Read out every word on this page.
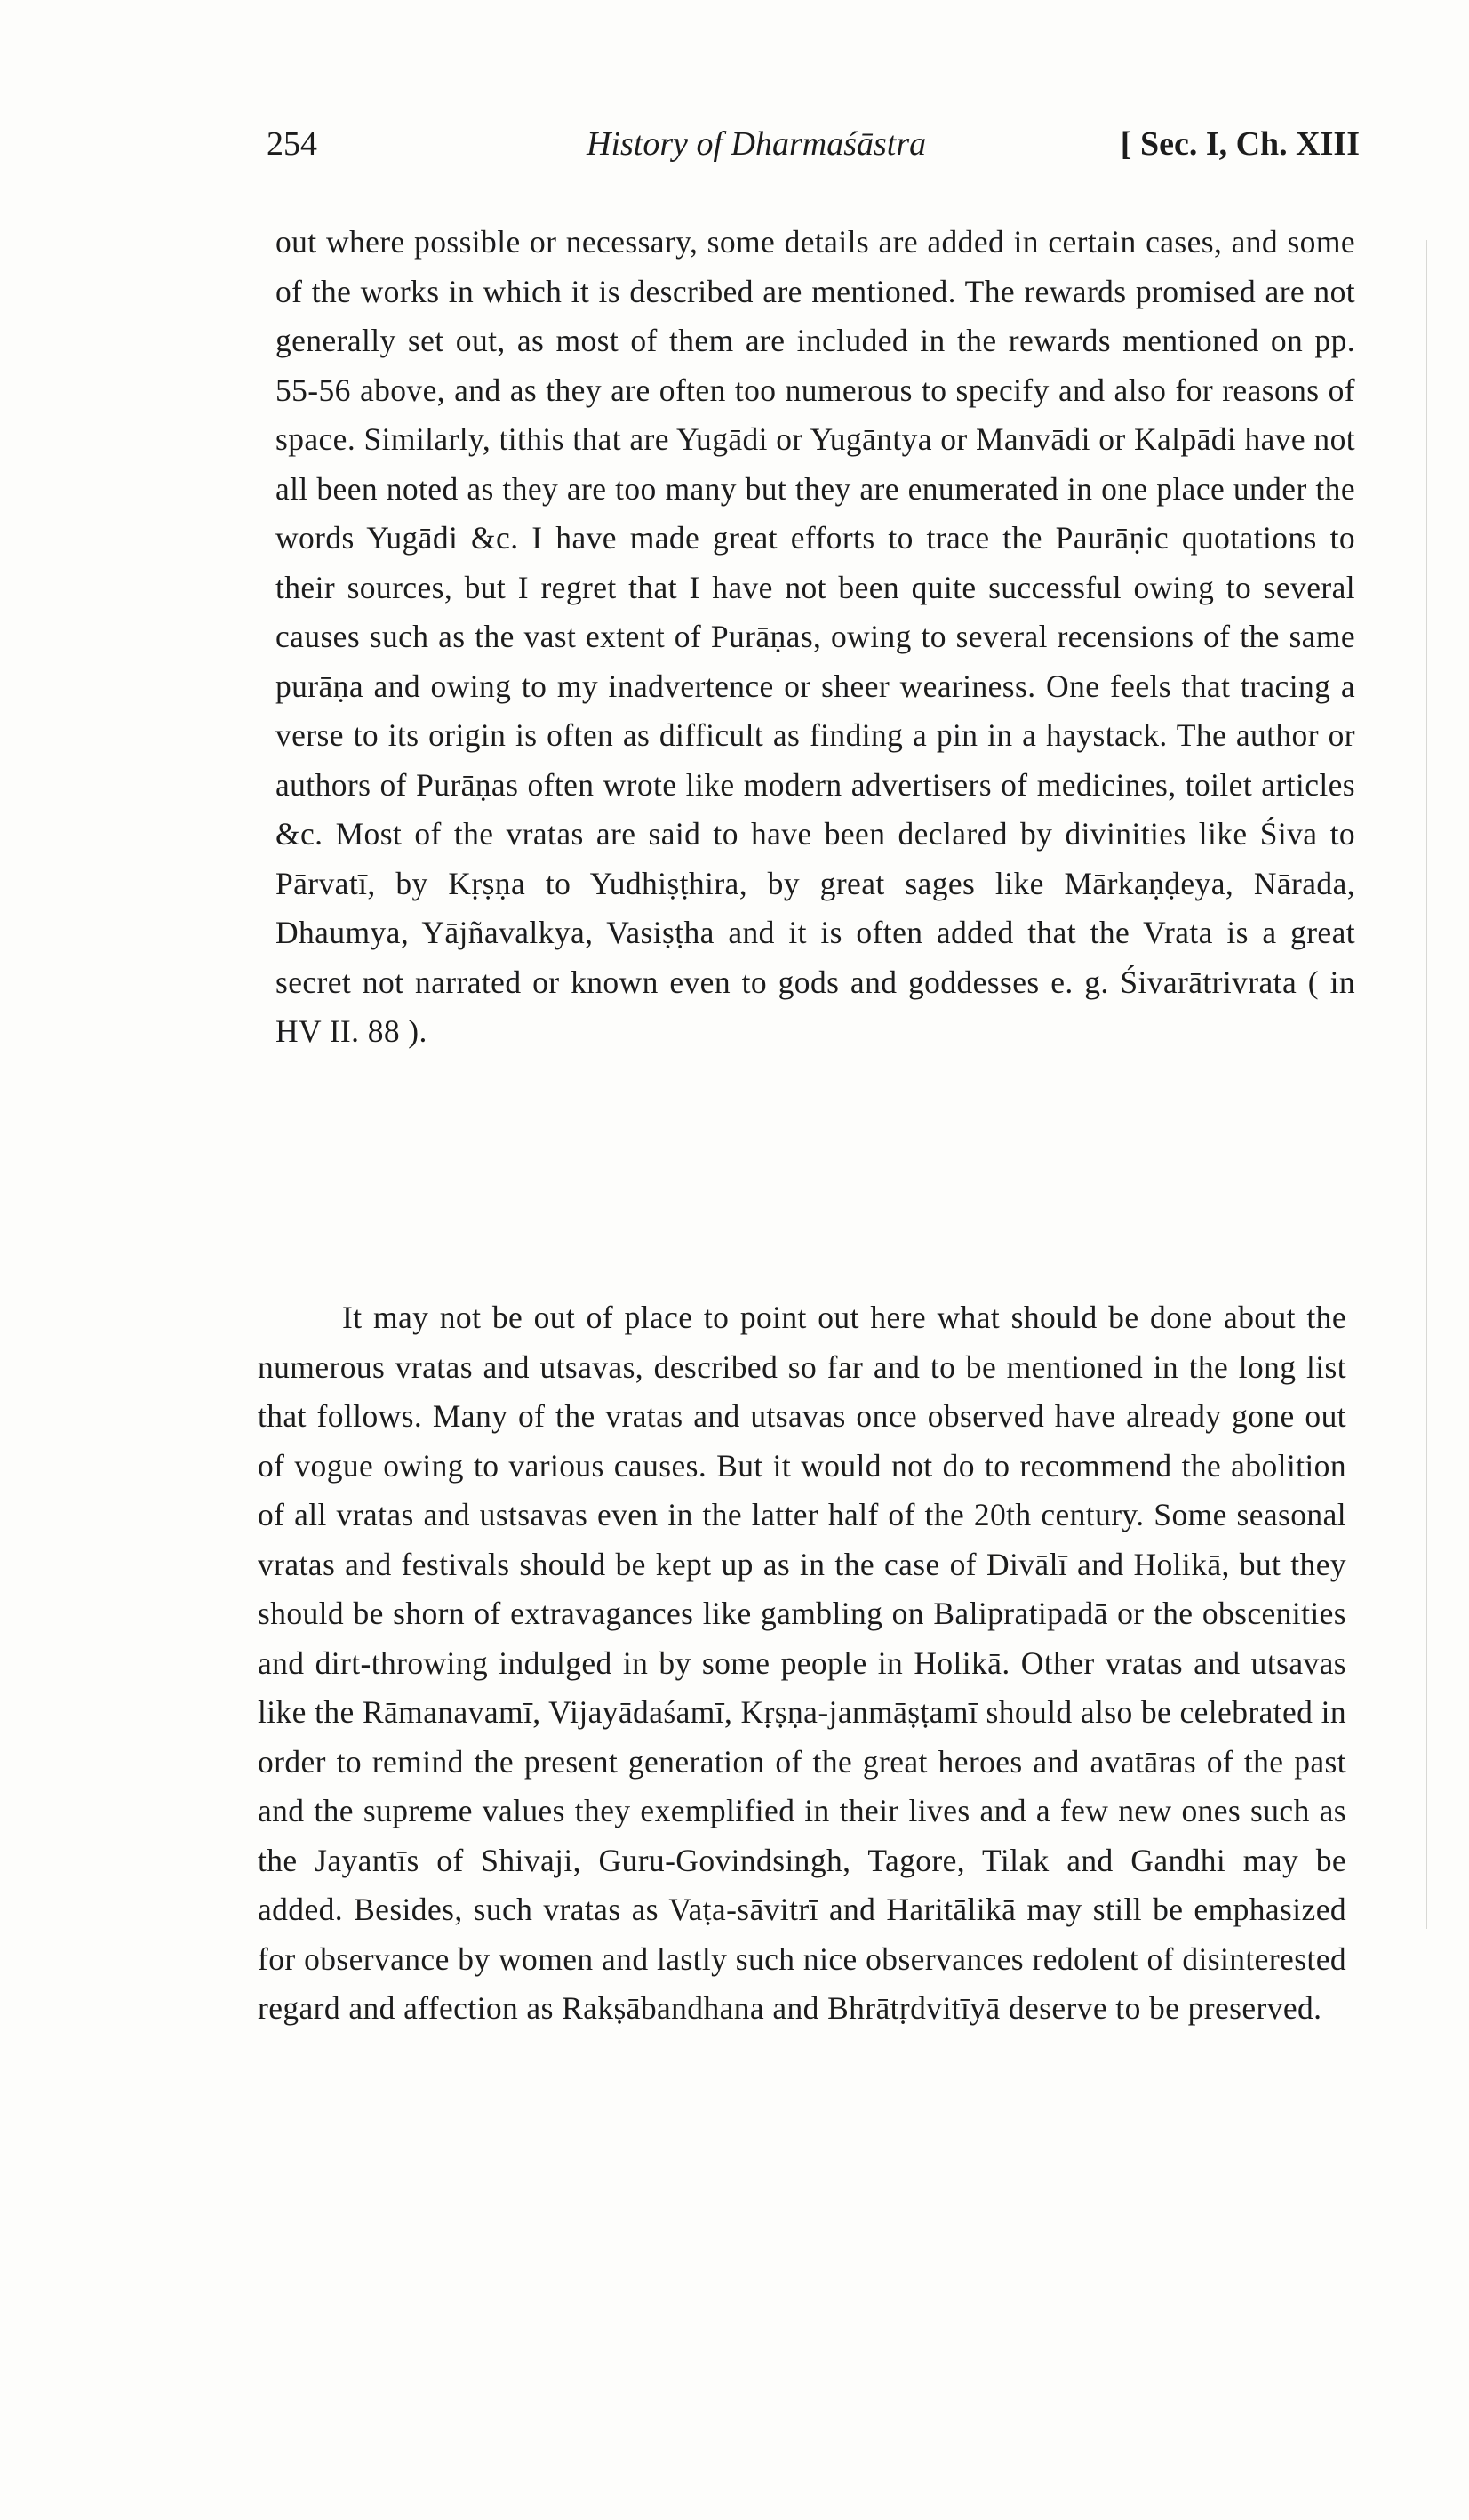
254	History of Dharmaśāstra	[ Sec. I, Ch. XIII

out where possible or necessary, some details are added in certain cases, and some of the works in which it is described are mentioned. The rewards promised are not generally set out, as most of them are included in the rewards mentioned on pp. 55-56 above, and as they are often too numerous to specify and also for reasons of space. Similarly, tithis that are Yugādi or Yugāntya or Manvādi or Kalpādi have not all been noted as they are too many but they are enumerated in one place under the words Yugādi &c. I have made great efforts to trace the Paurāṇic quotations to their sources, but I regret that I have not been quite successful owing to several causes such as the vast extent of Purāṇas, owing to several recensions of the same purāṇa and owing to my inadvertence or sheer weariness. One feels that tracing a verse to its origin is often as difficult as finding a pin in a haystack. The author or authors of Purāṇas often wrote like modern advertisers of medicines, toilet articles &c. Most of the vratas are said to have been declared by divinities like Śiva to Pārvatī, by Kṛṣṇa to Yudhiṣṭhira, by great sages like Mārkaṇḍeya, Nārada, Dhaumya, Yājñavalkya, Vasiṣṭha and it is often added that the Vrata is a great secret not narrated or known even to gods and goddesses e. g. Śivarātrivrata ( in HV II. 88 ).

It may not be out of place to point out here what should be done about the numerous vratas and utsavas, described so far and to be mentioned in the long list that follows. Many of the vratas and utsavas once observed have already gone out of vogue owing to various causes. But it would not do to recommend the abolition of all vratas and ustsavas even in the latter half of the 20th century. Some seasonal vratas and festivals should be kept up as in the case of Divālī and Holikā, but they should be shorn of extravagances like gambling on Balipratipadā or the obscenities and dirt-throwing indulged in by some people in Holikā. Other vratas and utsavas like the Rāmanavamī, Vijayādaśamī, Kṛṣṇa-janmāṣṭamī should also be celebrated in order to remind the present generation of the great heroes and avatāras of the past and the supreme values they exemplified in their lives and a few new ones such as the Jayantīs of Shivaji, Guru-Govindsingh, Tagore, Tilak and Gandhi may be added. Besides, such vratas as Vaṭa-sāvitrī and Haritālikā may still be emphasized for observance by women and lastly such nice observances redolent of disinterested regard and affection as Rakṣābandhana and Bhrātṛdvitīyā deserve to be preserved.
